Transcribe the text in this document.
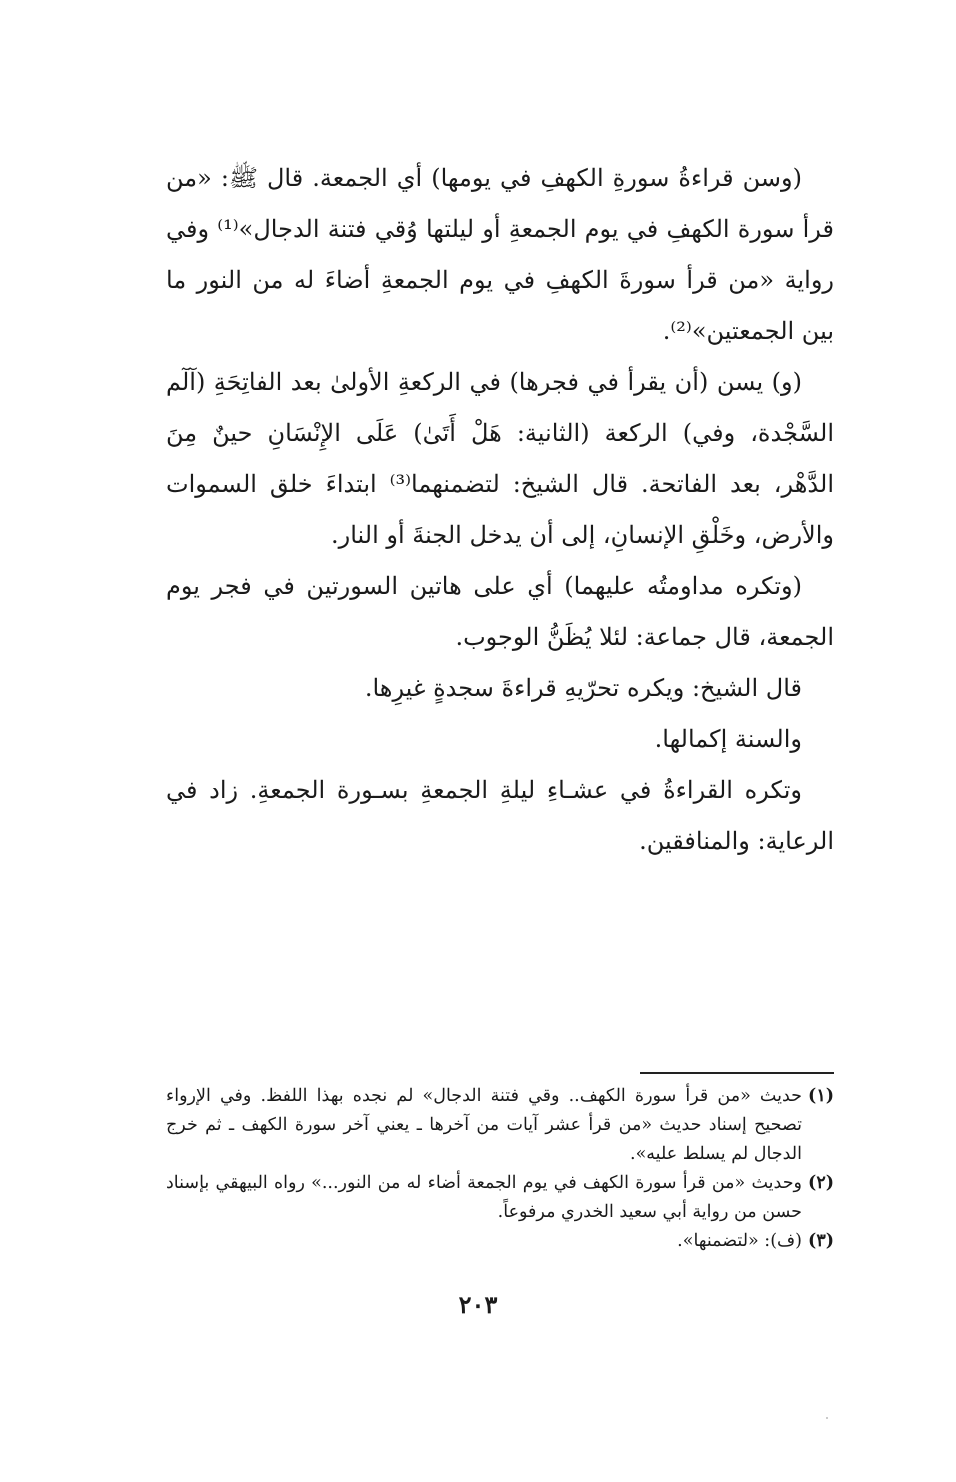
(وسن قراءةُ سورةِ الكهفِ في يومها) أي الجمعة. قال ﷺ: «من قرأ سورة الكهفِ في يوم الجمعةِ أو ليلتها وُقي فتنة الدجال»⁽¹⁾ وفي رواية «من قرأ سورةَ الكهفِ في يوم الجمعةِ أضاءَ له من النور ما بين الجمعتين»⁽²⁾.

(و) يسن (أن يقرأ في فجرها) في الركعةِ الأولىٰ بعد الفاتِحَةِ (آلٓم السَّجْدة، وفي) الركعة (الثانية: هَلْ أَتَىٰ) عَلَى الإِنْسَانِ حينٌ مِنَ الدَّهْر، بعد الفاتحة. قال الشيخ: لتضمنهما⁽³⁾ ابتداءَ خلق السموات والأرض، وخَلْقِ الإنسانِ، إلى أن يدخل الجنةَ أو النار.

(وتكره مداومتُه عليهما) أي على هاتين السورتين في فجر يوم الجمعة، قال جماعة: لئلا يُظَنُّ الوجوب.

قال الشيخ: ويكره تحرّيهِ قراءةَ سجدةٍ غيرِها.

والسنة إكمالها.

وتكره القراءةُ في عشـاءِ ليلةِ الجمعةِ بسـورة الجمعةِ. زاد في الرعاية: والمنافقين.

(١)
حديث «من قرأ سورة الكهف.. وقي فتنة الدجال» لم نجده بهذا اللفظ. وفي الإرواء تصحيح إسناد حديث «من قرأ عشر آيات من آخرها ـ يعني آخر سورة الكهف ـ ثم خرج الدجال لم يسلط عليه».
(٢)
وحديث «من قرأ سورة الكهف في يوم الجمعة أضاء له من النور...» رواه البيهقي بإسناد حسن من رواية أبي سعيد الخدري مرفوعاً.
(٣)
(ف): «لتضمنها».
٢٠٣
